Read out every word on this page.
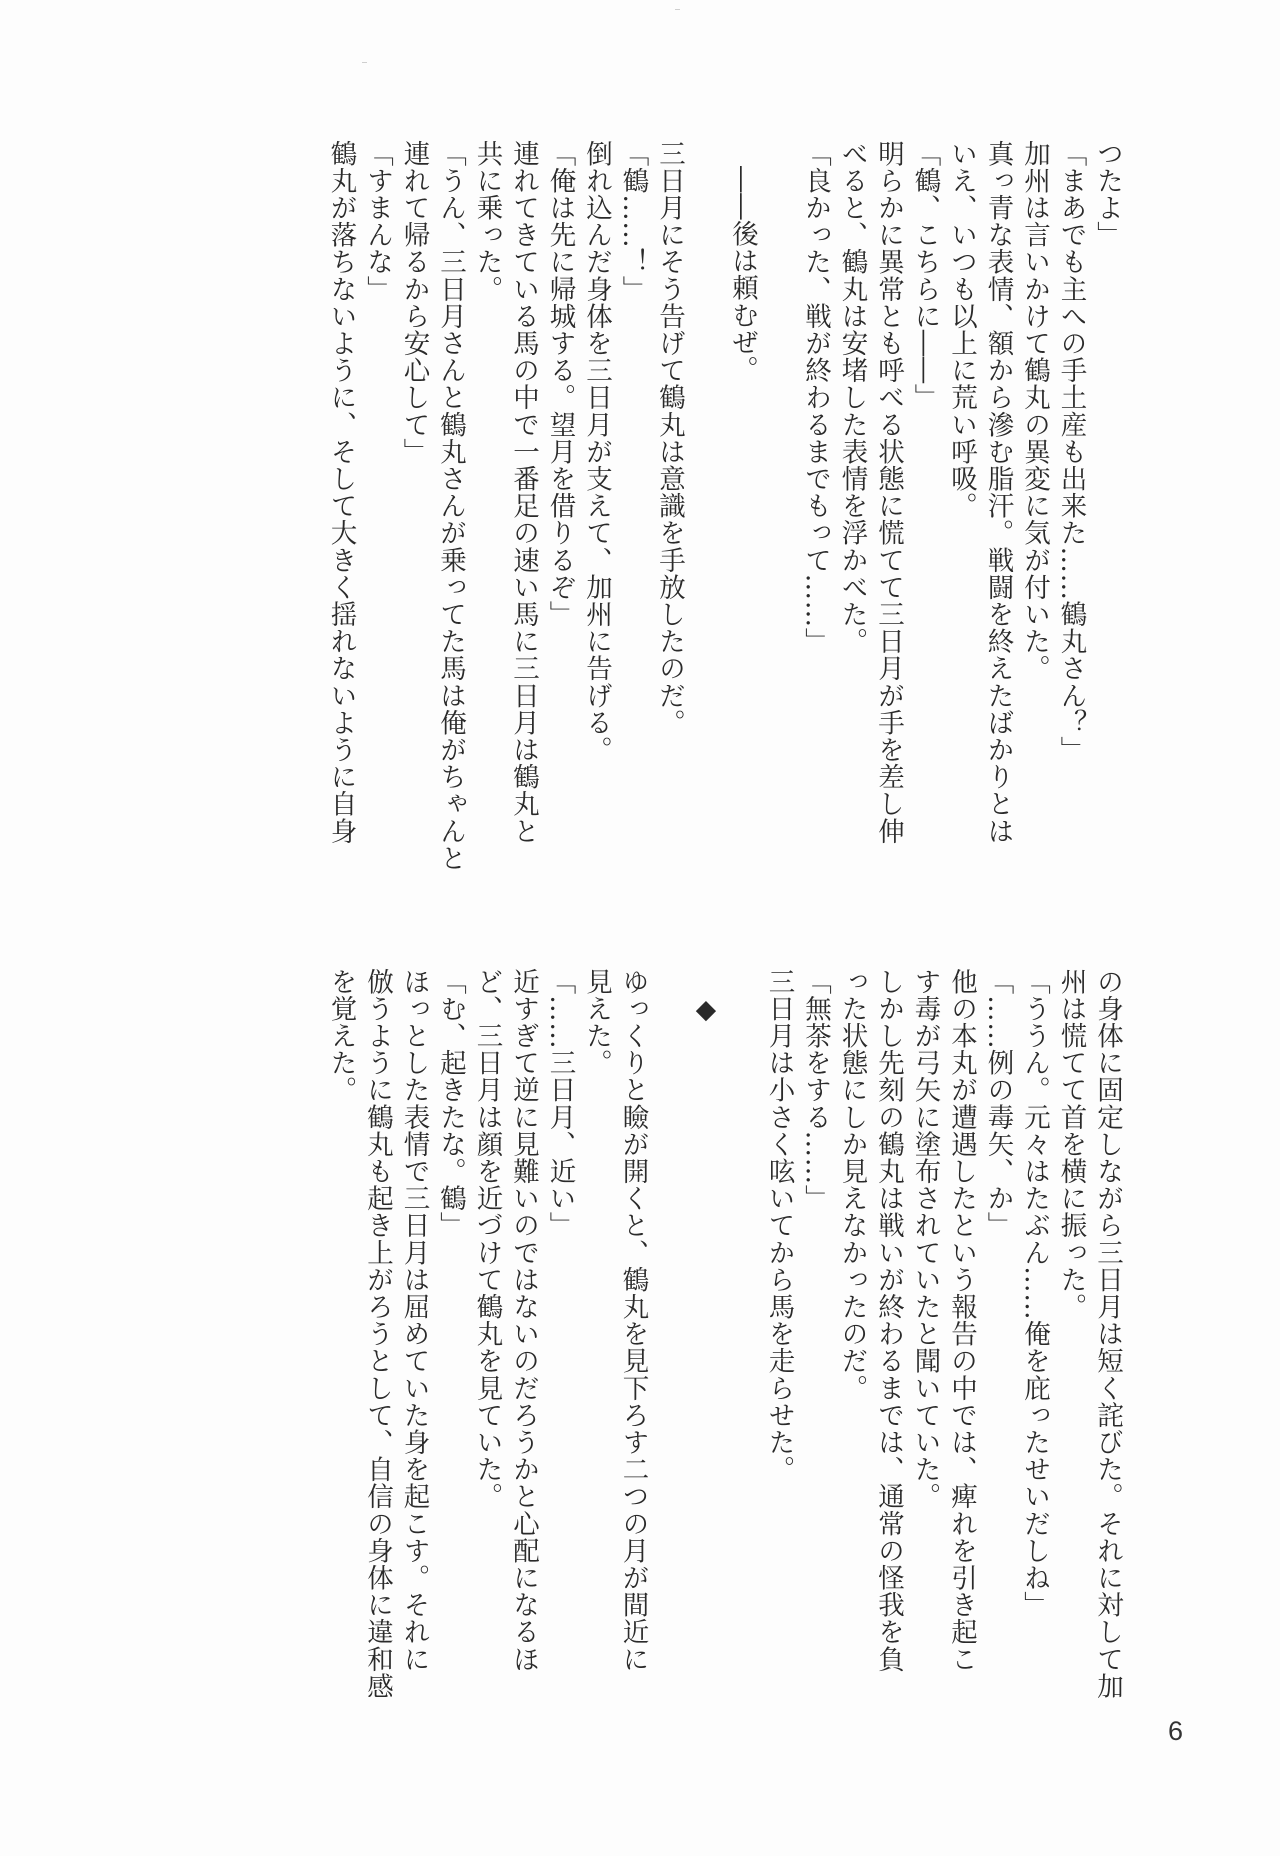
つたよ」
「まあでも主への手土産も出来た……鶴丸さん？」
加州は言いかけて鶴丸の異変に気が付いた。
真っ青な表情、額から滲む脂汗。戦闘を終えたばかりとは
いえ、いつも以上に荒い呼吸。
「鶴、こちらに――」
明らかに異常とも呼べる状態に慌てて三日月が手を差し伸
べると、鶴丸は安堵した表情を浮かべた。
「良かった、戦が終わるまでもって……」
――後は頼むぜ。
三日月にそう告げて鶴丸は意識を手放したのだ。
「鶴……！」
倒れ込んだ身体を三日月が支えて、加州に告げる。
「俺は先に帰城する。望月を借りるぞ」
連れてきている馬の中で一番足の速い馬に三日月は鶴丸と
共に乗った。
「うん、三日月さんと鶴丸さんが乗ってた馬は俺がちゃんと
連れて帰るから安心して」
「すまんな」
鶴丸が落ちないように、そして大きく揺れないように自身
の身体に固定しながら三日月は短く詫びた。それに対して加
州は慌てて首を横に振った。
「ううん。元々はたぶん……俺を庇ったせいだしね」
「……例の毒矢、か」
他の本丸が遭遇したという報告の中では、痺れを引き起こ
す毒が弓矢に塗布されていたと聞いていた。
しかし先刻の鶴丸は戦いが終わるまでは、通常の怪我を負
った状態にしか見えなかったのだ。
「無茶をする……」
三日月は小さく呟いてから馬を走らせた。
◆
ゆっくりと瞼が開くと、鶴丸を見下ろす二つの月が間近に
見えた。
「……三日月、近い」
近すぎて逆に見難いのではないのだろうかと心配になるほ
ど、三日月は顔を近づけて鶴丸を見ていた。
「む、起きたな。鶴」
ほっとした表情で三日月は屈めていた身を起こす。それに
倣うように鶴丸も起き上がろうとして、自信の身体に違和感
を覚えた。
6
